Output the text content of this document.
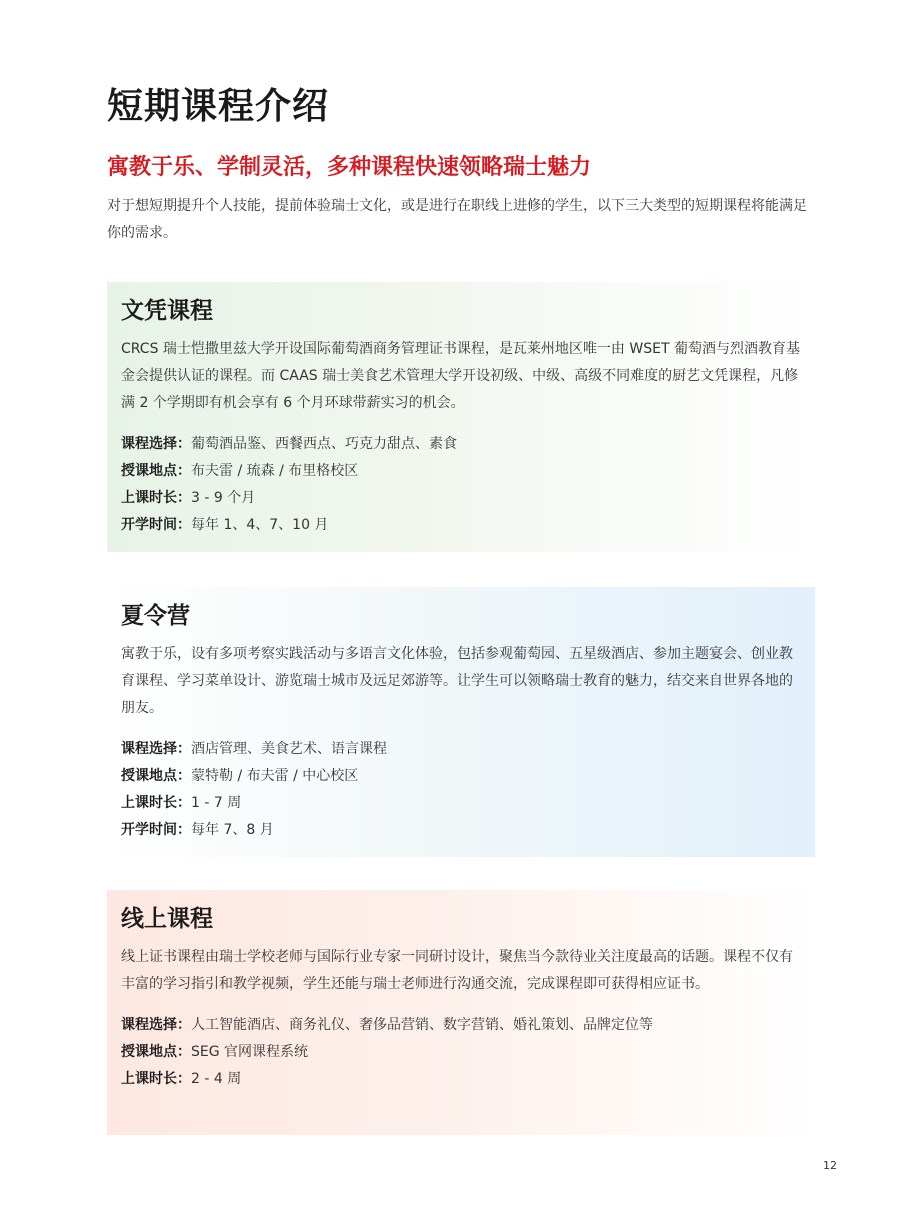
短期课程介绍
寓教于乐、学制灵活，多种课程快速领略瑞士魅力

对于想短期提升个人技能，提前体验瑞士文化，或是进行在职线上进修的学生，以下三大类型的短期课程将能满足你的需求。

文凭课程

CRCS 瑞士恺撒里兹大学开设国际葡萄酒商务管理证书课程，是瓦莱州地区唯一由 WSET 葡萄酒与烈酒教育基金会提供认证的课程。而 CAAS 瑞士美食艺术管理大学开设初级、中级、高级不同难度的厨艺文凭课程，凡修满 2 个学期即有机会享有 6 个月环球带薪实习的机会。

课程选择：葡萄酒品鉴、西餐西点、巧克力甜点、素食
授课地点：布夫雷 / 琉森 / 布里格校区
上课时长：3 - 9 个月
开学时间：每年 1、4、7、10 月
夏令营

寓教于乐，设有多项考察实践活动与多语言文化体验，包括参观葡萄园、五星级酒店、参加主题宴会、创业教育课程、学习菜单设计、游览瑞士城市及远足郊游等。让学生可以领略瑞士教育的魅力，结交来自世界各地的朋友。

课程选择：酒店管理、美食艺术、语言课程
授课地点：蒙特勒 / 布夫雷 / 中心校区
上课时长：1 - 7 周
开学时间：每年 7、8 月
线上课程

线上证书课程由瑞士学校老师与国际行业专家一同研讨设计，聚焦当今款待业关注度最高的话题。课程不仅有丰富的学习指引和教学视频，学生还能与瑞士老师进行沟通交流，完成课程即可获得相应证书。

课程选择：人工智能酒店、商务礼仪、奢侈品营销、数字营销、婚礼策划、品牌定位等
授课地点：SEG 官网课程系统
上课时长：2 - 4 周
12
